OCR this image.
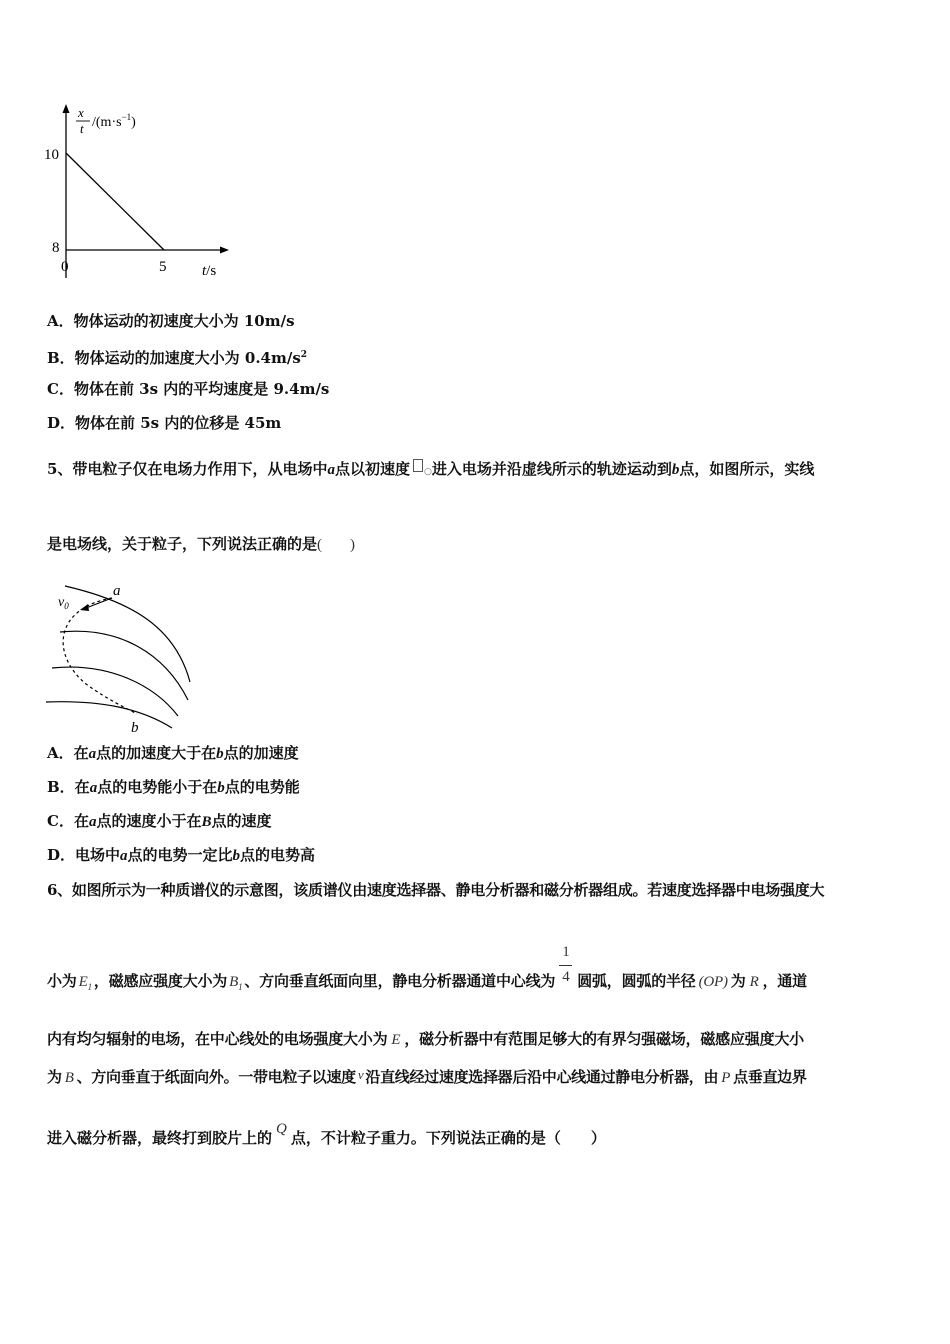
x
t $/(m\cdot s^{-1})$
10
8
0	5 t/s
A．物体运动的初速度大小为 10m/s
B．物体运动的加速度大小为 $0.4m/s^2$
C．物体在前 3s 内的平均速度是 9.4m/s
D．物体在前 5s 内的位移是 45m
5、带电粒子仅在电场力作用下，从电场中a点以初速度 ○进入电场并沿虚线所示的轨迹运动到b点，如图所示，实线
是电场线，关于粒子，下列说法正确的是( )
$v_0$
a
b
A．在a点的加速度大于在b点的加速度
B．在a点的电势能小于在b点的电势能
C．在a点的速度小于在B点的速度
D．电场中a点的电势一定比b点的电势高
6、如图所示为一种质谱仪的示意图，该质谱仪由速度选择器、静电分析器和磁分析器组成。若速度选择器中电场强度大
小为 $E_1$ ，磁感应强度大小为 $B_1$ 、方向垂直纸面向里，静电分析器通道中心线为 $\frac{1}{4}$ 圆弧，圆弧的半径 (OP) 为 R ，通道
内有均匀辐射的电场，在中心线处的电场强度大小为 E ，磁分析器中有范围足够大的有界匀强磁场，磁感应强度大小
为 B 、方向垂直于纸面向外。一带电粒子以速度 v 沿直线经过速度选择器后沿中心线通过静电分析器，由 P 点垂直边界
进入磁分析器，最终打到胶片上的 Q 点，不计粒子重力。下列说法正确的是（　　）
